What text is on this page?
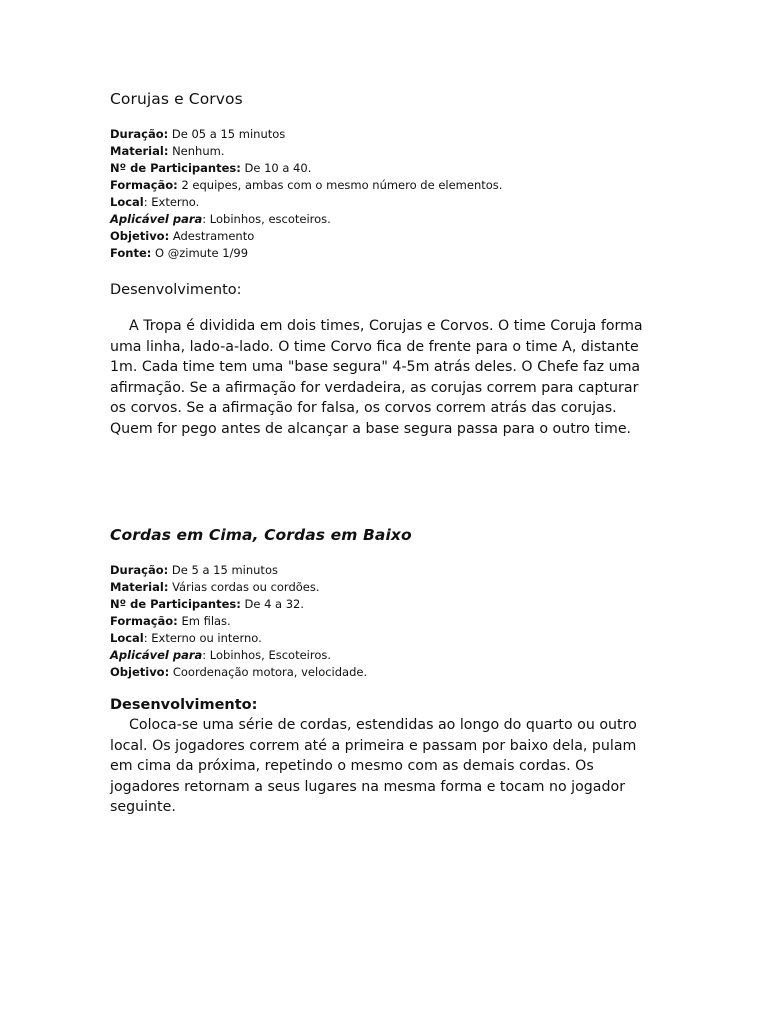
Corujas e Corvos
Duração: De 05 a 15 minutos
Material: Nenhum.
Nº de Participantes: De 10 a 40.
Formação: 2 equipes, ambas com o mesmo número de elementos.
Local: Externo.
Aplicável para: Lobinhos, escoteiros.
Objetivo: Adestramento
Fonte: O @zimute 1/99
Desenvolvimento:
A Tropa é dividida em dois times, Corujas e Corvos. O time Coruja forma uma linha, lado-a-lado. O time Corvo fica de frente para o time A, distante 1m. Cada time tem uma "base segura" 4-5m atrás deles. O Chefe faz uma afirmação. Se a afirmação for verdadeira, as corujas correm para capturar os corvos. Se a afirmação for falsa, os corvos correm atrás das corujas. Quem for pego antes de alcançar a base segura passa para o outro time.
Cordas em Cima, Cordas em Baixo
Duração: De 5 a 15 minutos
Material: Várias cordas ou cordões.
Nº de Participantes: De 4 a 32.
Formação: Em filas.
Local: Externo ou interno.
Aplicável para: Lobinhos, Escoteiros.
Objetivo: Coordenação motora, velocidade.
Desenvolvimento:
Coloca-se uma série de cordas, estendidas ao longo do quarto ou outro local. Os jogadores correm até a primeira e passam por baixo dela, pulam em cima da próxima, repetindo o mesmo com as demais cordas. Os jogadores retornam a seus lugares na mesma forma e tocam no jogador seguinte.
